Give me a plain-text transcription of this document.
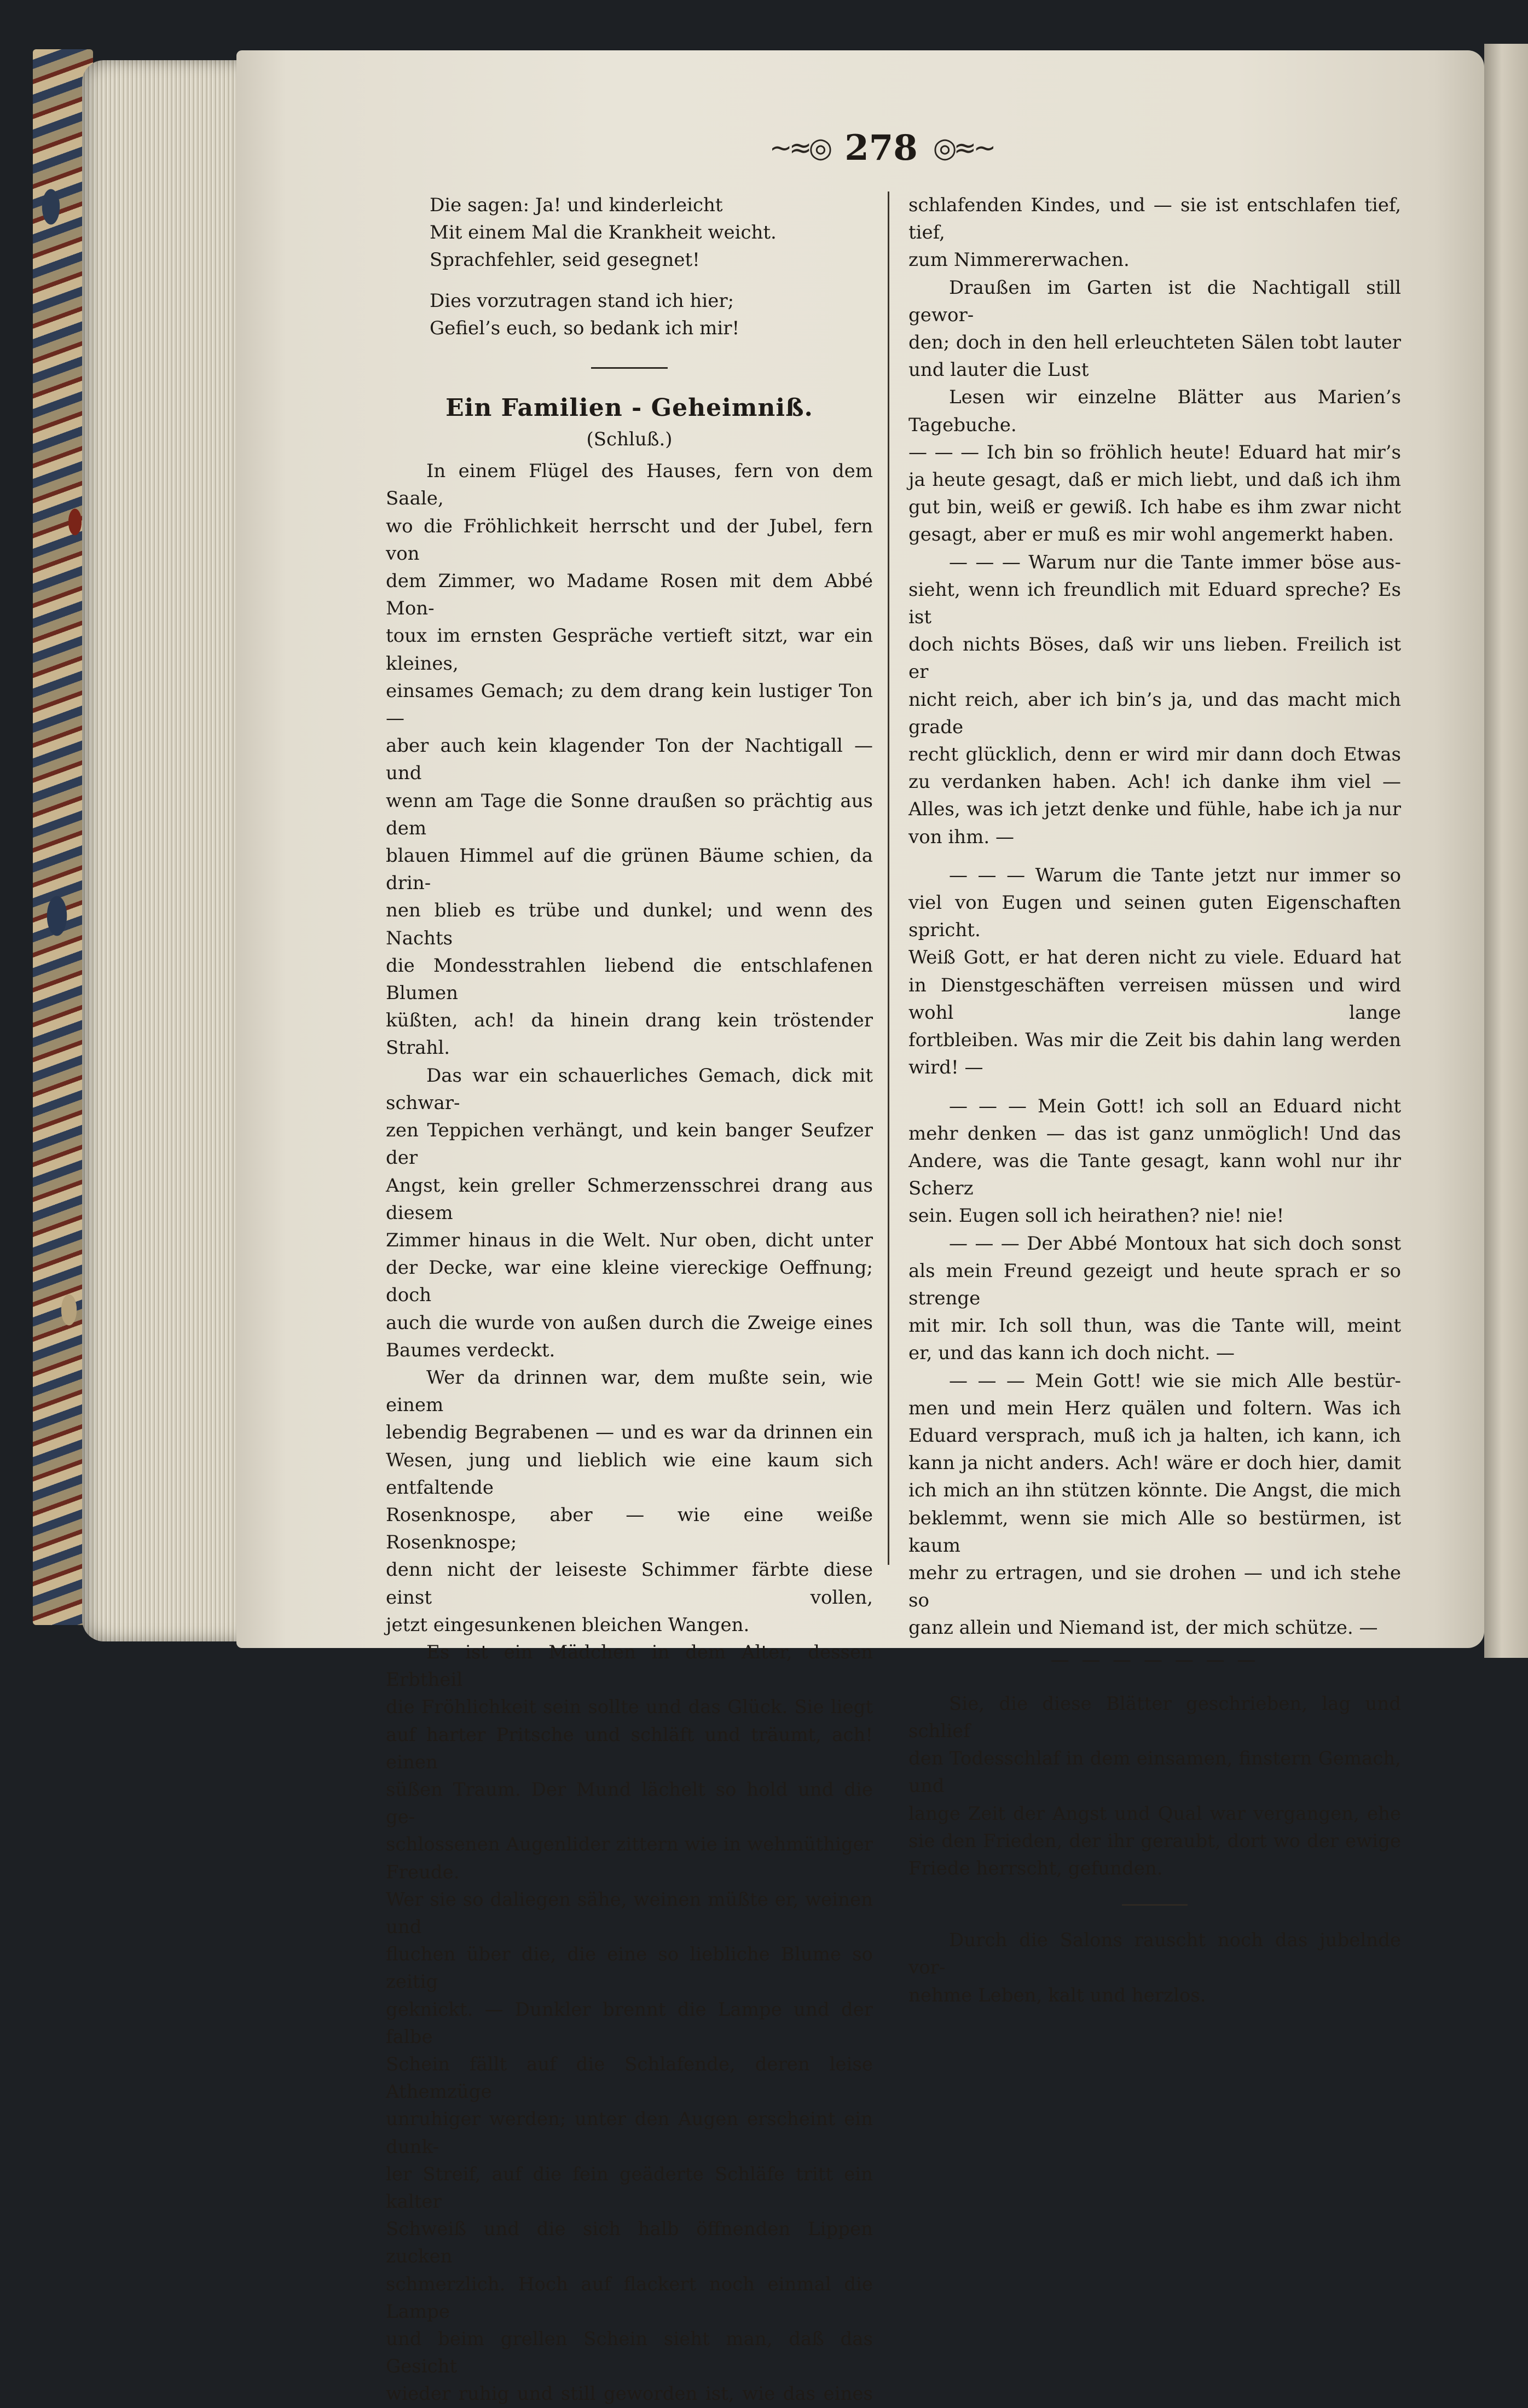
~≈◎ 278 ◎≈~

Die sagen: Ja! und kinderleicht

Mit einem Mal die Krankheit weicht.

Sprachfehler, seid gesegnet!

Dies vorzutragen stand ich hier;

Gefiel’s euch, so bedank ich mir!

Ein Familien - Geheimniß.

(Schluß.)

In einem Flügel des Hauses, fern von dem Saale,

wo die Fröhlichkeit herrscht und der Jubel, fern von

dem Zimmer, wo Madame Rosen mit dem Abbé Mon-

toux im ernsten Gespräche vertieft sitzt, war ein kleines,

einsames Gemach; zu dem drang kein lustiger Ton —

aber auch kein klagender Ton der Nachtigall — und

wenn am Tage die Sonne draußen so prächtig aus dem

blauen Himmel auf die grünen Bäume schien, da drin-

nen blieb es trübe und dunkel; und wenn des Nachts

die Mondesstrahlen liebend die entschlafenen Blumen

küßten, ach! da hinein drang kein tröstender Strahl.

Das war ein schauerliches Gemach, dick mit schwar-

zen Teppichen verhängt, und kein banger Seufzer der

Angst, kein greller Schmerzensschrei drang aus diesem

Zimmer hinaus in die Welt. Nur oben, dicht unter

der Decke, war eine kleine viereckige Oeffnung; doch

auch die wurde von außen durch die Zweige eines

Baumes verdeckt.

Wer da drinnen war, dem mußte sein, wie einem

lebendig Begrabenen — und es war da drinnen ein

Wesen, jung und lieblich wie eine kaum sich entfaltende

Rosenknospe, aber — wie eine weiße Rosenknospe;

denn nicht der leiseste Schimmer färbte diese einst vollen,

jetzt eingesunkenen bleichen Wangen.

Es ist ein Mädchen in dem Alter, dessen Erbtheil

die Fröhlichkeit sein sollte und das Glück. Sie liegt

auf harter Pritsche und schläft und träumt, ach! einen

süßen Traum. Der Mund lächelt so hold und die ge-

schlossenen Augenlider zittern wie in wehmüthiger Freude.

Wer sie so daliegen sähe, weinen müßte er, weinen und

fluchen über die, die eine so liebliche Blume so zeitig

geknickt. — Dunkler brennt die Lampe und der falbe

Schein fällt auf die Schlafende, deren leise Athemzüge

unruhiger werden; unter den Augen erscheint ein dunk-

ler Streif, auf die fein geäderte Schläfe tritt ein kalter

Schweiß und die sich halb öffnenden Lippen zucken

schmerzlich. Hoch auf flackert noch einmal die Lampe

und beim grellen Schein sieht man, daß das Gesicht

wieder ruhig und still geworden ist, wie das eines

schlafenden Kindes, und — sie ist entschlafen tief, tief,

zum Nimmererwachen.

Draußen im Garten ist die Nachtigall still gewor-

den; doch in den hell erleuchteten Sälen tobt lauter

und lauter die Lust

Lesen wir einzelne Blätter aus Marien’s Tagebuche.

— — — Ich bin so fröhlich heute! Eduard hat mir’s

ja heute gesagt, daß er mich liebt, und daß ich ihm

gut bin, weiß er gewiß. Ich habe es ihm zwar nicht

gesagt, aber er muß es mir wohl angemerkt haben.

— — — Warum nur die Tante immer böse aus-

sieht, wenn ich freundlich mit Eduard spreche? Es ist

doch nichts Böses, daß wir uns lieben. Freilich ist er

nicht reich, aber ich bin’s ja, und das macht mich grade

recht glücklich, denn er wird mir dann doch Etwas

zu verdanken haben. Ach! ich danke ihm viel —

Alles, was ich jetzt denke und fühle, habe ich ja nur

von ihm. —

— — — Warum die Tante jetzt nur immer so

viel von Eugen und seinen guten Eigenschaften spricht.

Weiß Gott, er hat deren nicht zu viele. Eduard hat

in Dienstgeschäften verreisen müssen und wird wohl lange

fortbleiben. Was mir die Zeit bis dahin lang werden

wird! —

— — — Mein Gott! ich soll an Eduard nicht

mehr denken — das ist ganz unmöglich! Und das

Andere, was die Tante gesagt, kann wohl nur ihr Scherz

sein. Eugen soll ich heirathen? nie! nie!

— — — Der Abbé Montoux hat sich doch sonst

als mein Freund gezeigt und heute sprach er so strenge

mit mir. Ich soll thun, was die Tante will, meint

er, und das kann ich doch nicht. —

— — — Mein Gott! wie sie mich Alle bestür-

men und mein Herz quälen und foltern. Was ich

Eduard versprach, muß ich ja halten, ich kann, ich

kann ja nicht anders. Ach! wäre er doch hier, damit

ich mich an ihn stützen könnte. Die Angst, die mich

beklemmt, wenn sie mich Alle so bestürmen, ist kaum

mehr zu ertragen, und sie drohen — und ich stehe so

ganz allein und Niemand ist, der mich schütze. —

— — — — — — —

Sie, die diese Blätter geschrieben, lag und schlief

den Todesschlaf in dem einsamen, finstern Gemach, und

lange Zeit der Angst und Qual war vergangen, ehe

sie den Frieden, der ihr geraubt, dort wo der ewige

Friede herrscht, gefunden.

Durch die Salons rauscht noch das jubelnde vor-

nehme Leben, kalt und herzlos.
